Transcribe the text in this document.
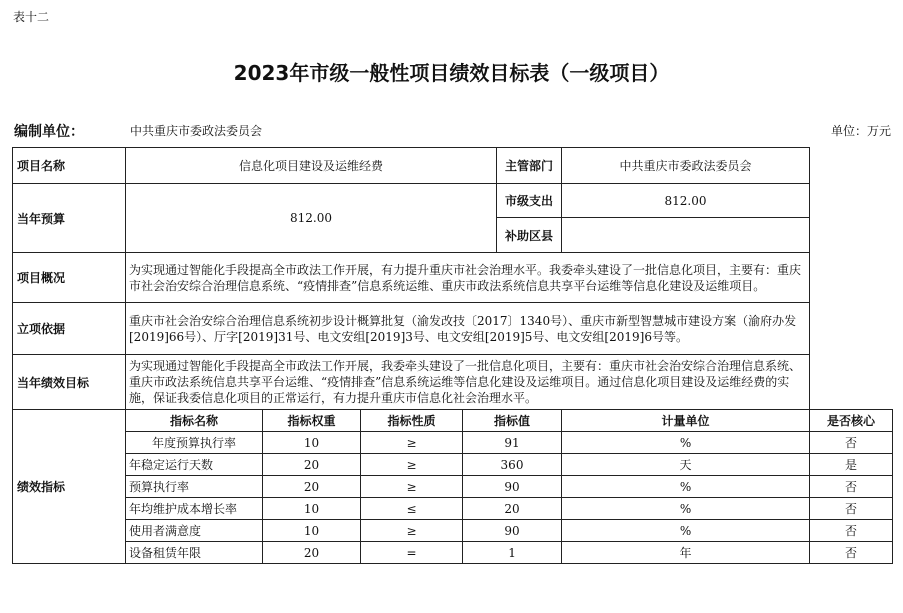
表十二
2023年市级一般性项目绩效目标表（一级项目）
编制单位：	中共重庆市委政法委员会	单位：万元
项目名称	信息化项目建设及运维经费				主管部门	中共重庆市委政法委员会	
当年预算	812.00				市级支出	812.00	
					补助区县		
项目概况	为实现通过智能化手段提高全市政法工作开展，有力提升重庆市社会治理水平。我委牵头建设了一批信息化项目，主要有：重庆市社会治安综合治理信息系统、“疫情排查”信息系统运维、重庆市政法系统信息共享平台运维等信息化建设及运维项目。						
立项依据	重庆市社会治安综合治理信息系统初步设计概算批复（渝发改技〔2017〕1340号）、重庆市新型智慧城市建设方案（渝府办发[2019]66号）、厅字[2019]31号、电文安组[2019]3号、电文安组[2019]5号、电文安组[2019]6号等。						
当年绩效目标	为实现通过智能化手段提高全市政法工作开展，我委牵头建设了一批信息化项目，主要有：重庆市社会治安综合治理信息系统、重庆市政法系统信息共享平台运维、“疫情排查”信息系统运维等信息化建设及运维项目。通过信息化项目建设及运维经费的实施，保证我委信息化项目的正常运行，有力提升重庆市信息化社会治理水平。						
绩效指标	指标名称	指标权重	指标性质	指标值		计量单位	是否核心
	年度预算执行率	10	≥	91		%	否
	年稳定运行天数	20	≥	360		天	是
	预算执行率	20	≥	90		%	否
	年均维护成本增长率	10	≤	20		%	否
	使用者满意度	10	≥	90		%	否
	设备租赁年限	20	=	1		年	否
